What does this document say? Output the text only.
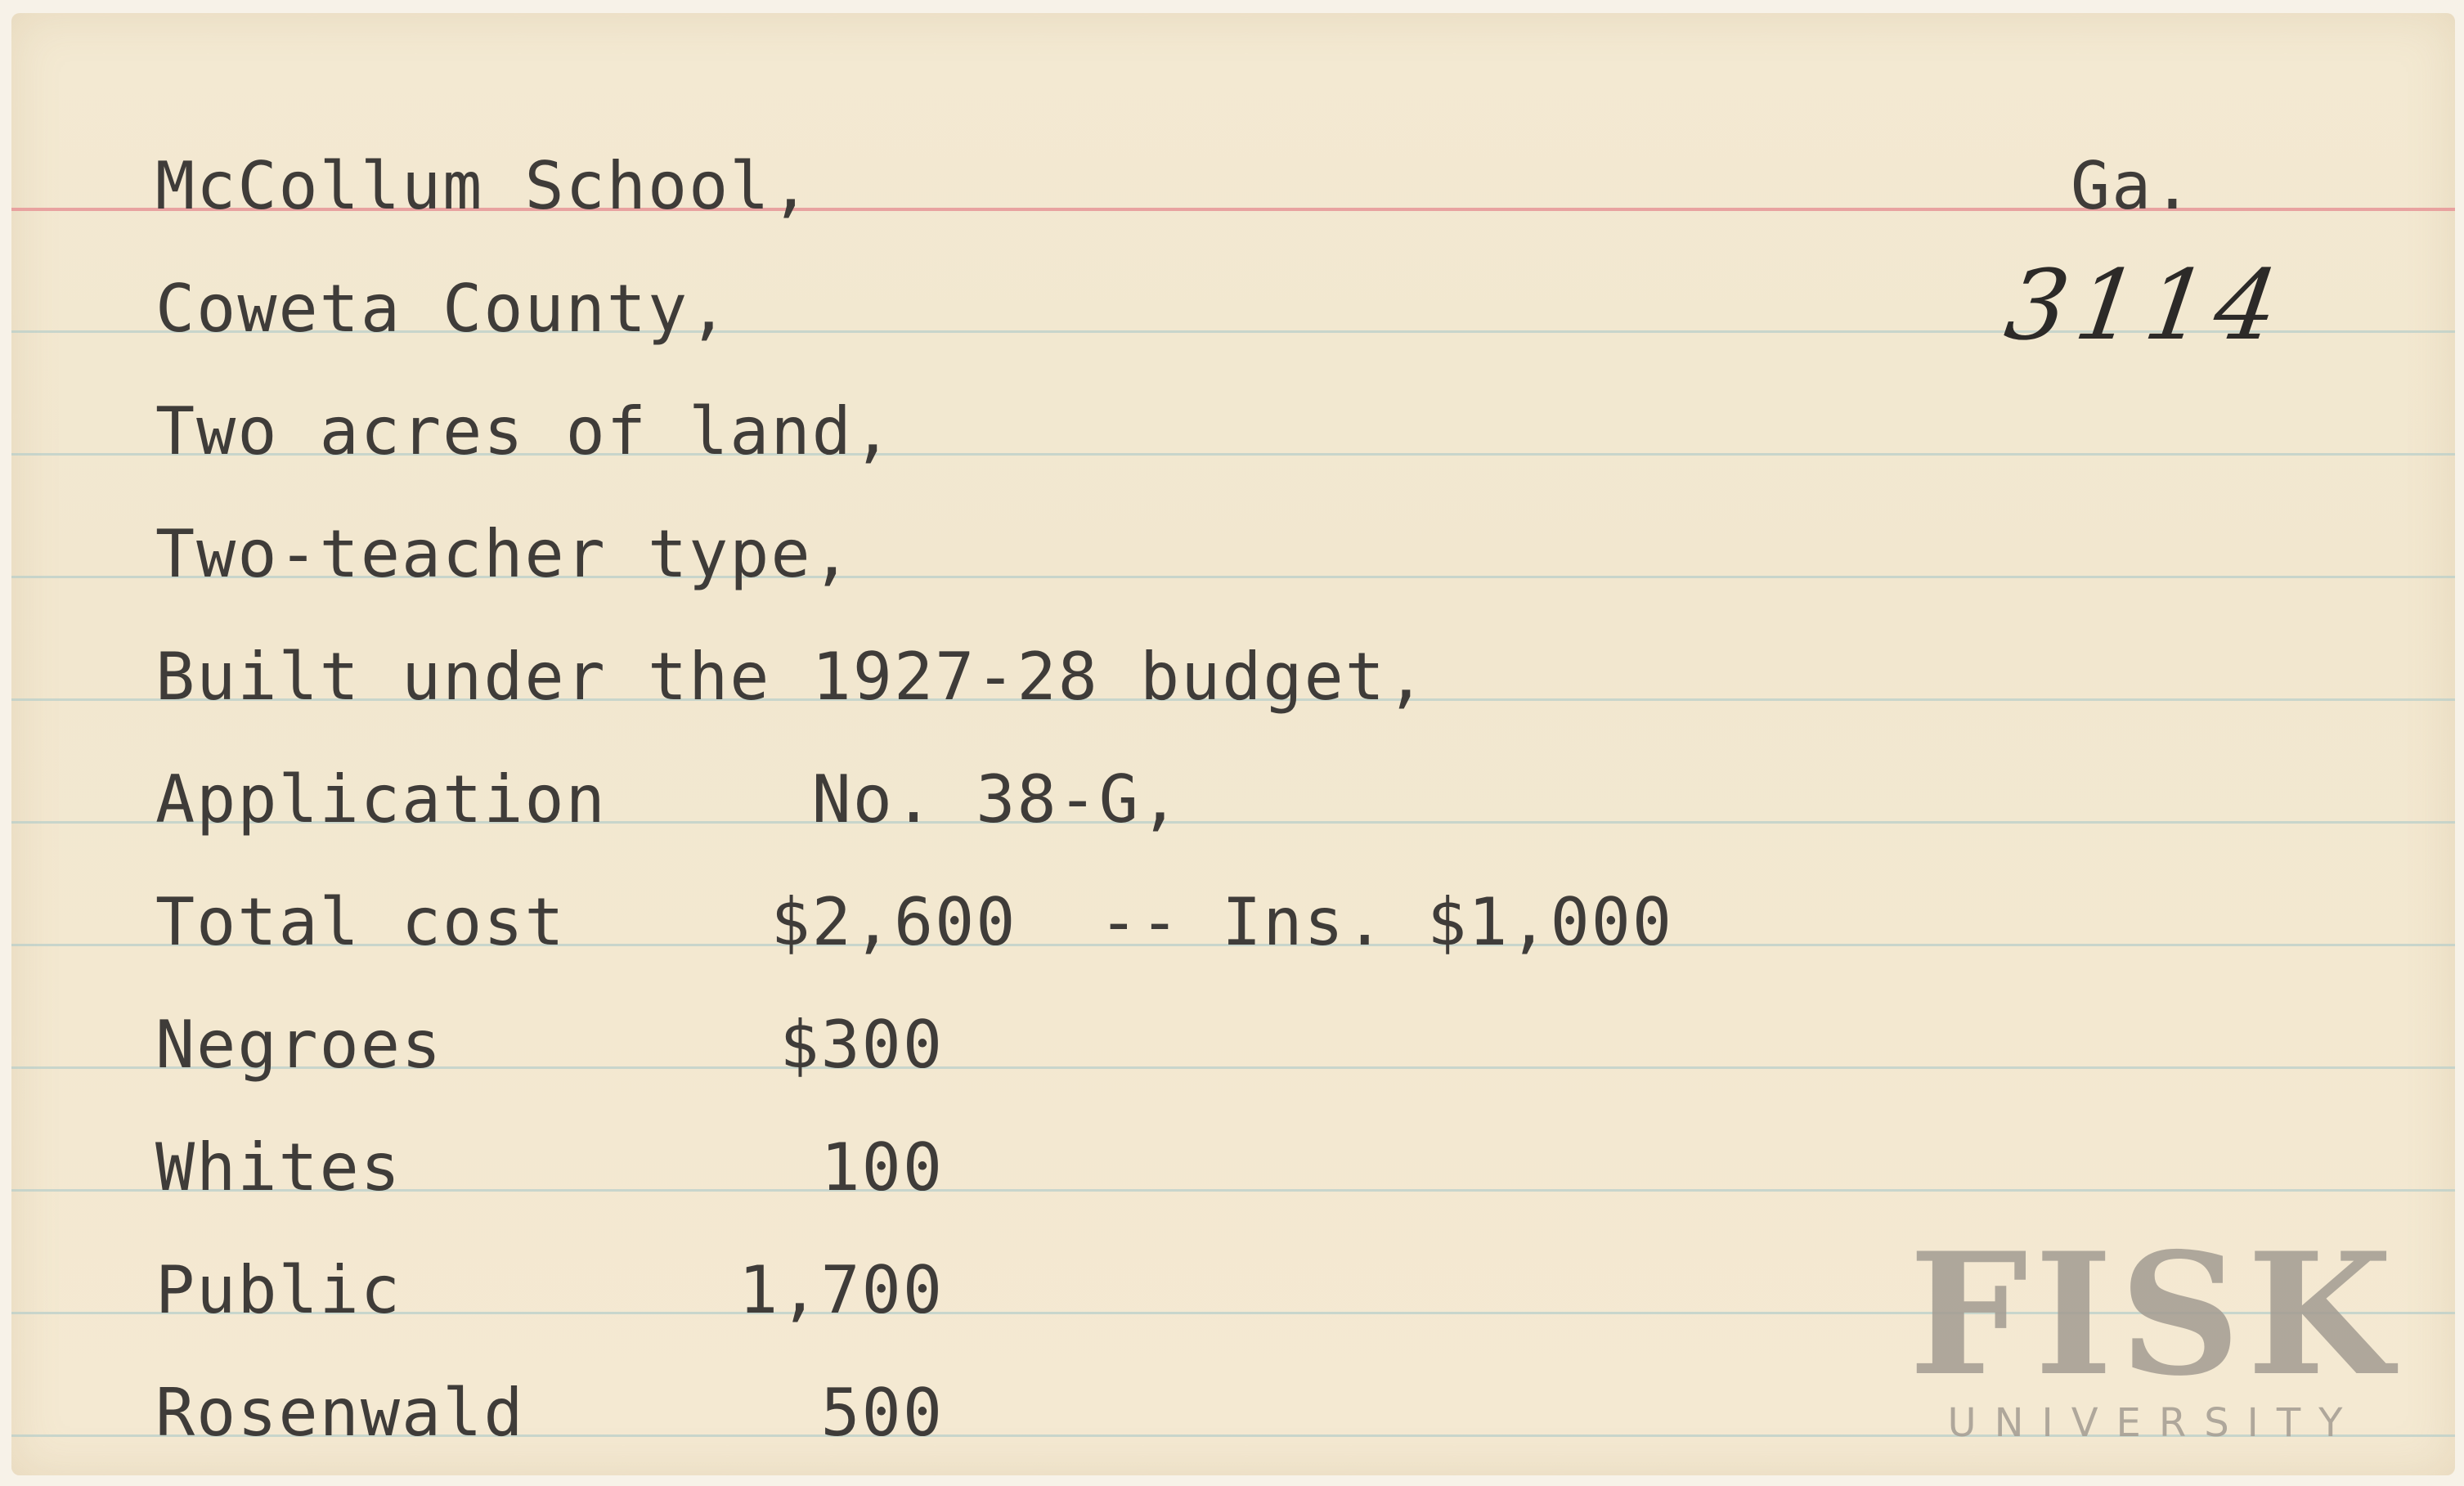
McCollum School,
Coweta County,
Two acres of land,
Two-teacher type,
Built under the 1927-28 budget,
Application     No. 38-G,
Total cost     $2,600  -- Ins. $1,000
Negroes	$300
Whites	100
Public	1,700
Rosenwald	500
Ga.
3114
FISK
UNIVERSITY
